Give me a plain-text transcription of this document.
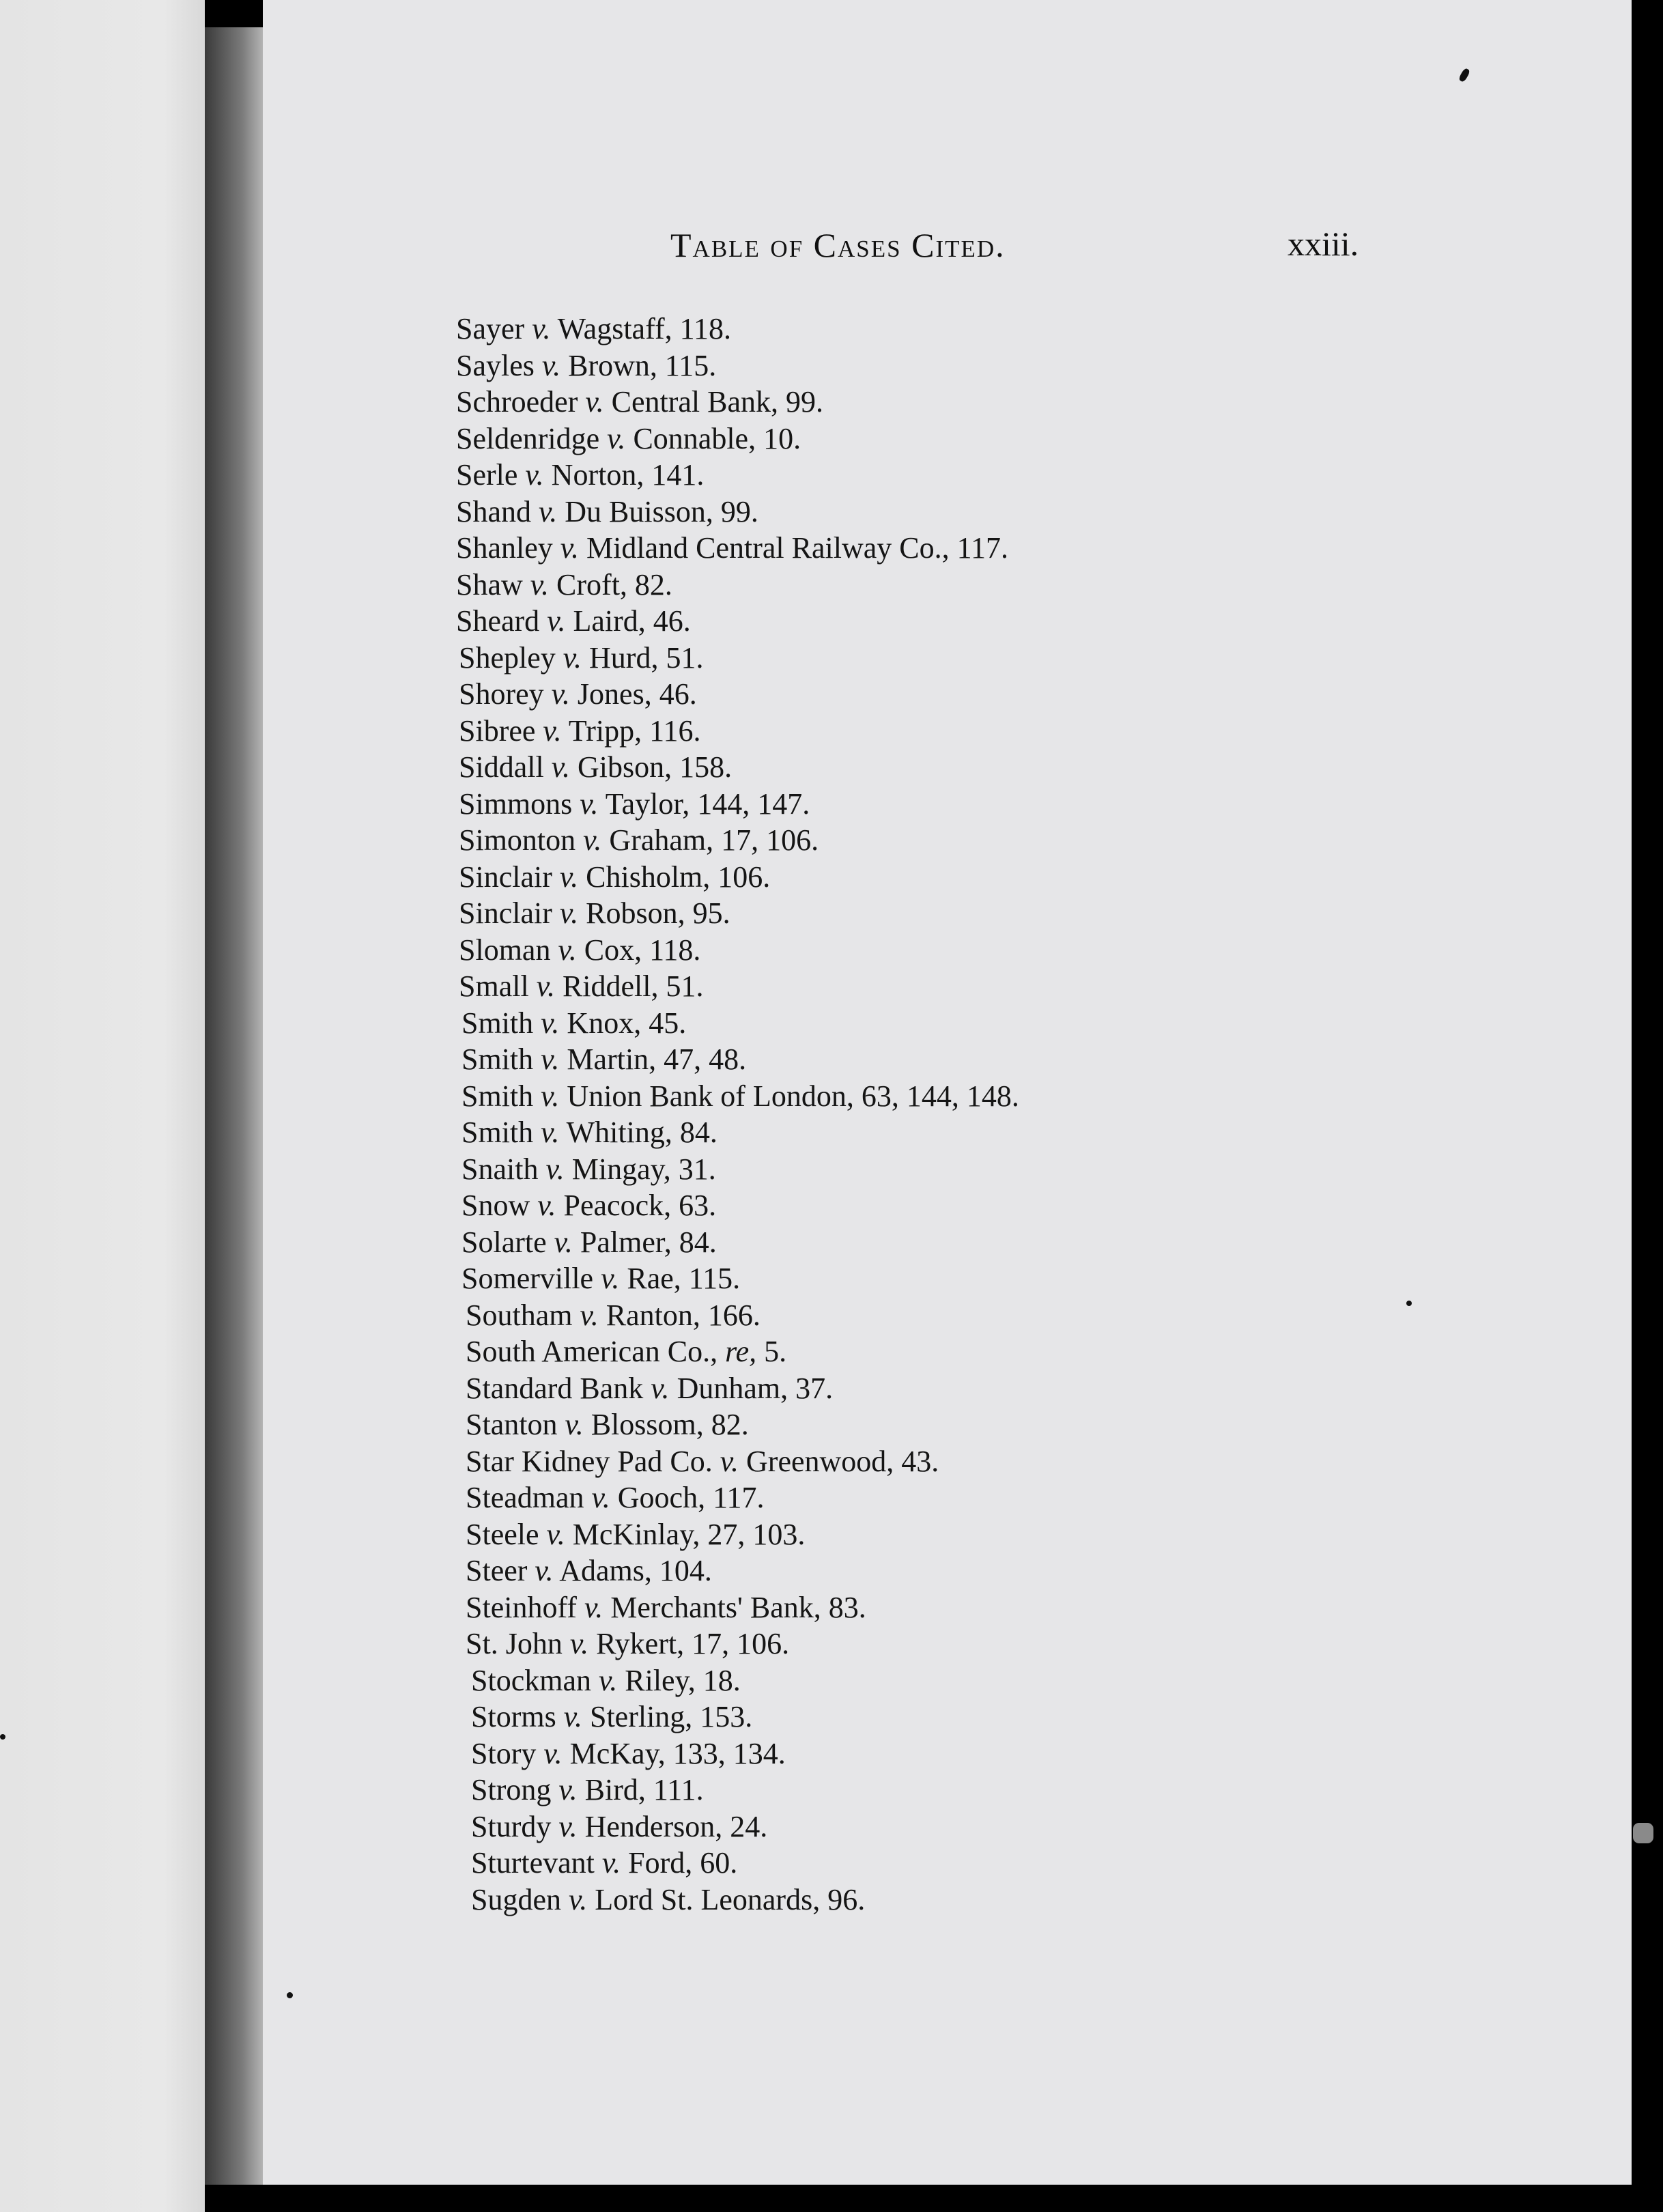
Table of Cases Cited.	xxiii.
Sayer v. Wagstaff, 118.
Sayles v. Brown, 115.
Schroeder v. Central Bank, 99.
Seldenridge v. Connable, 10.
Serle v. Norton, 141.
Shand v. Du Buisson, 99.
Shanley v. Midland Central Railway Co., 117.
Shaw v. Croft, 82.
Sheard v. Laird, 46.
Shepley v. Hurd, 51.
Shorey v. Jones, 46.
Sibree v. Tripp, 116.
Siddall v. Gibson, 158.
Simmons v. Taylor, 144, 147.
Simonton v. Graham, 17, 106.
Sinclair v. Chisholm, 106.
Sinclair v. Robson, 95.
Sloman v. Cox, 118.
Small v. Riddell, 51.
Smith v. Knox, 45.
Smith v. Martin, 47, 48.
Smith v. Union Bank of London, 63, 144, 148.
Smith v. Whiting, 84.
Snaith v. Mingay, 31.
Snow v. Peacock, 63.
Solarte v. Palmer, 84.
Somerville v. Rae, 115.
Southam v. Ranton, 166.
South American Co., re, 5.
Standard Bank v. Dunham, 37.
Stanton v. Blossom, 82.
Star Kidney Pad Co. v. Greenwood, 43.
Steadman v. Gooch, 117.
Steele v. McKinlay, 27, 103.
Steer v. Adams, 104.
Steinhoff v. Merchants' Bank, 83.
St. John v. Rykert, 17, 106.
Stockman v. Riley, 18.
Storms v. Sterling, 153.
Story v. McKay, 133, 134.
Strong v. Bird, 111.
Sturdy v. Henderson, 24.
Sturtevant v. Ford, 60.
Sugden v. Lord St. Leonards, 96.
